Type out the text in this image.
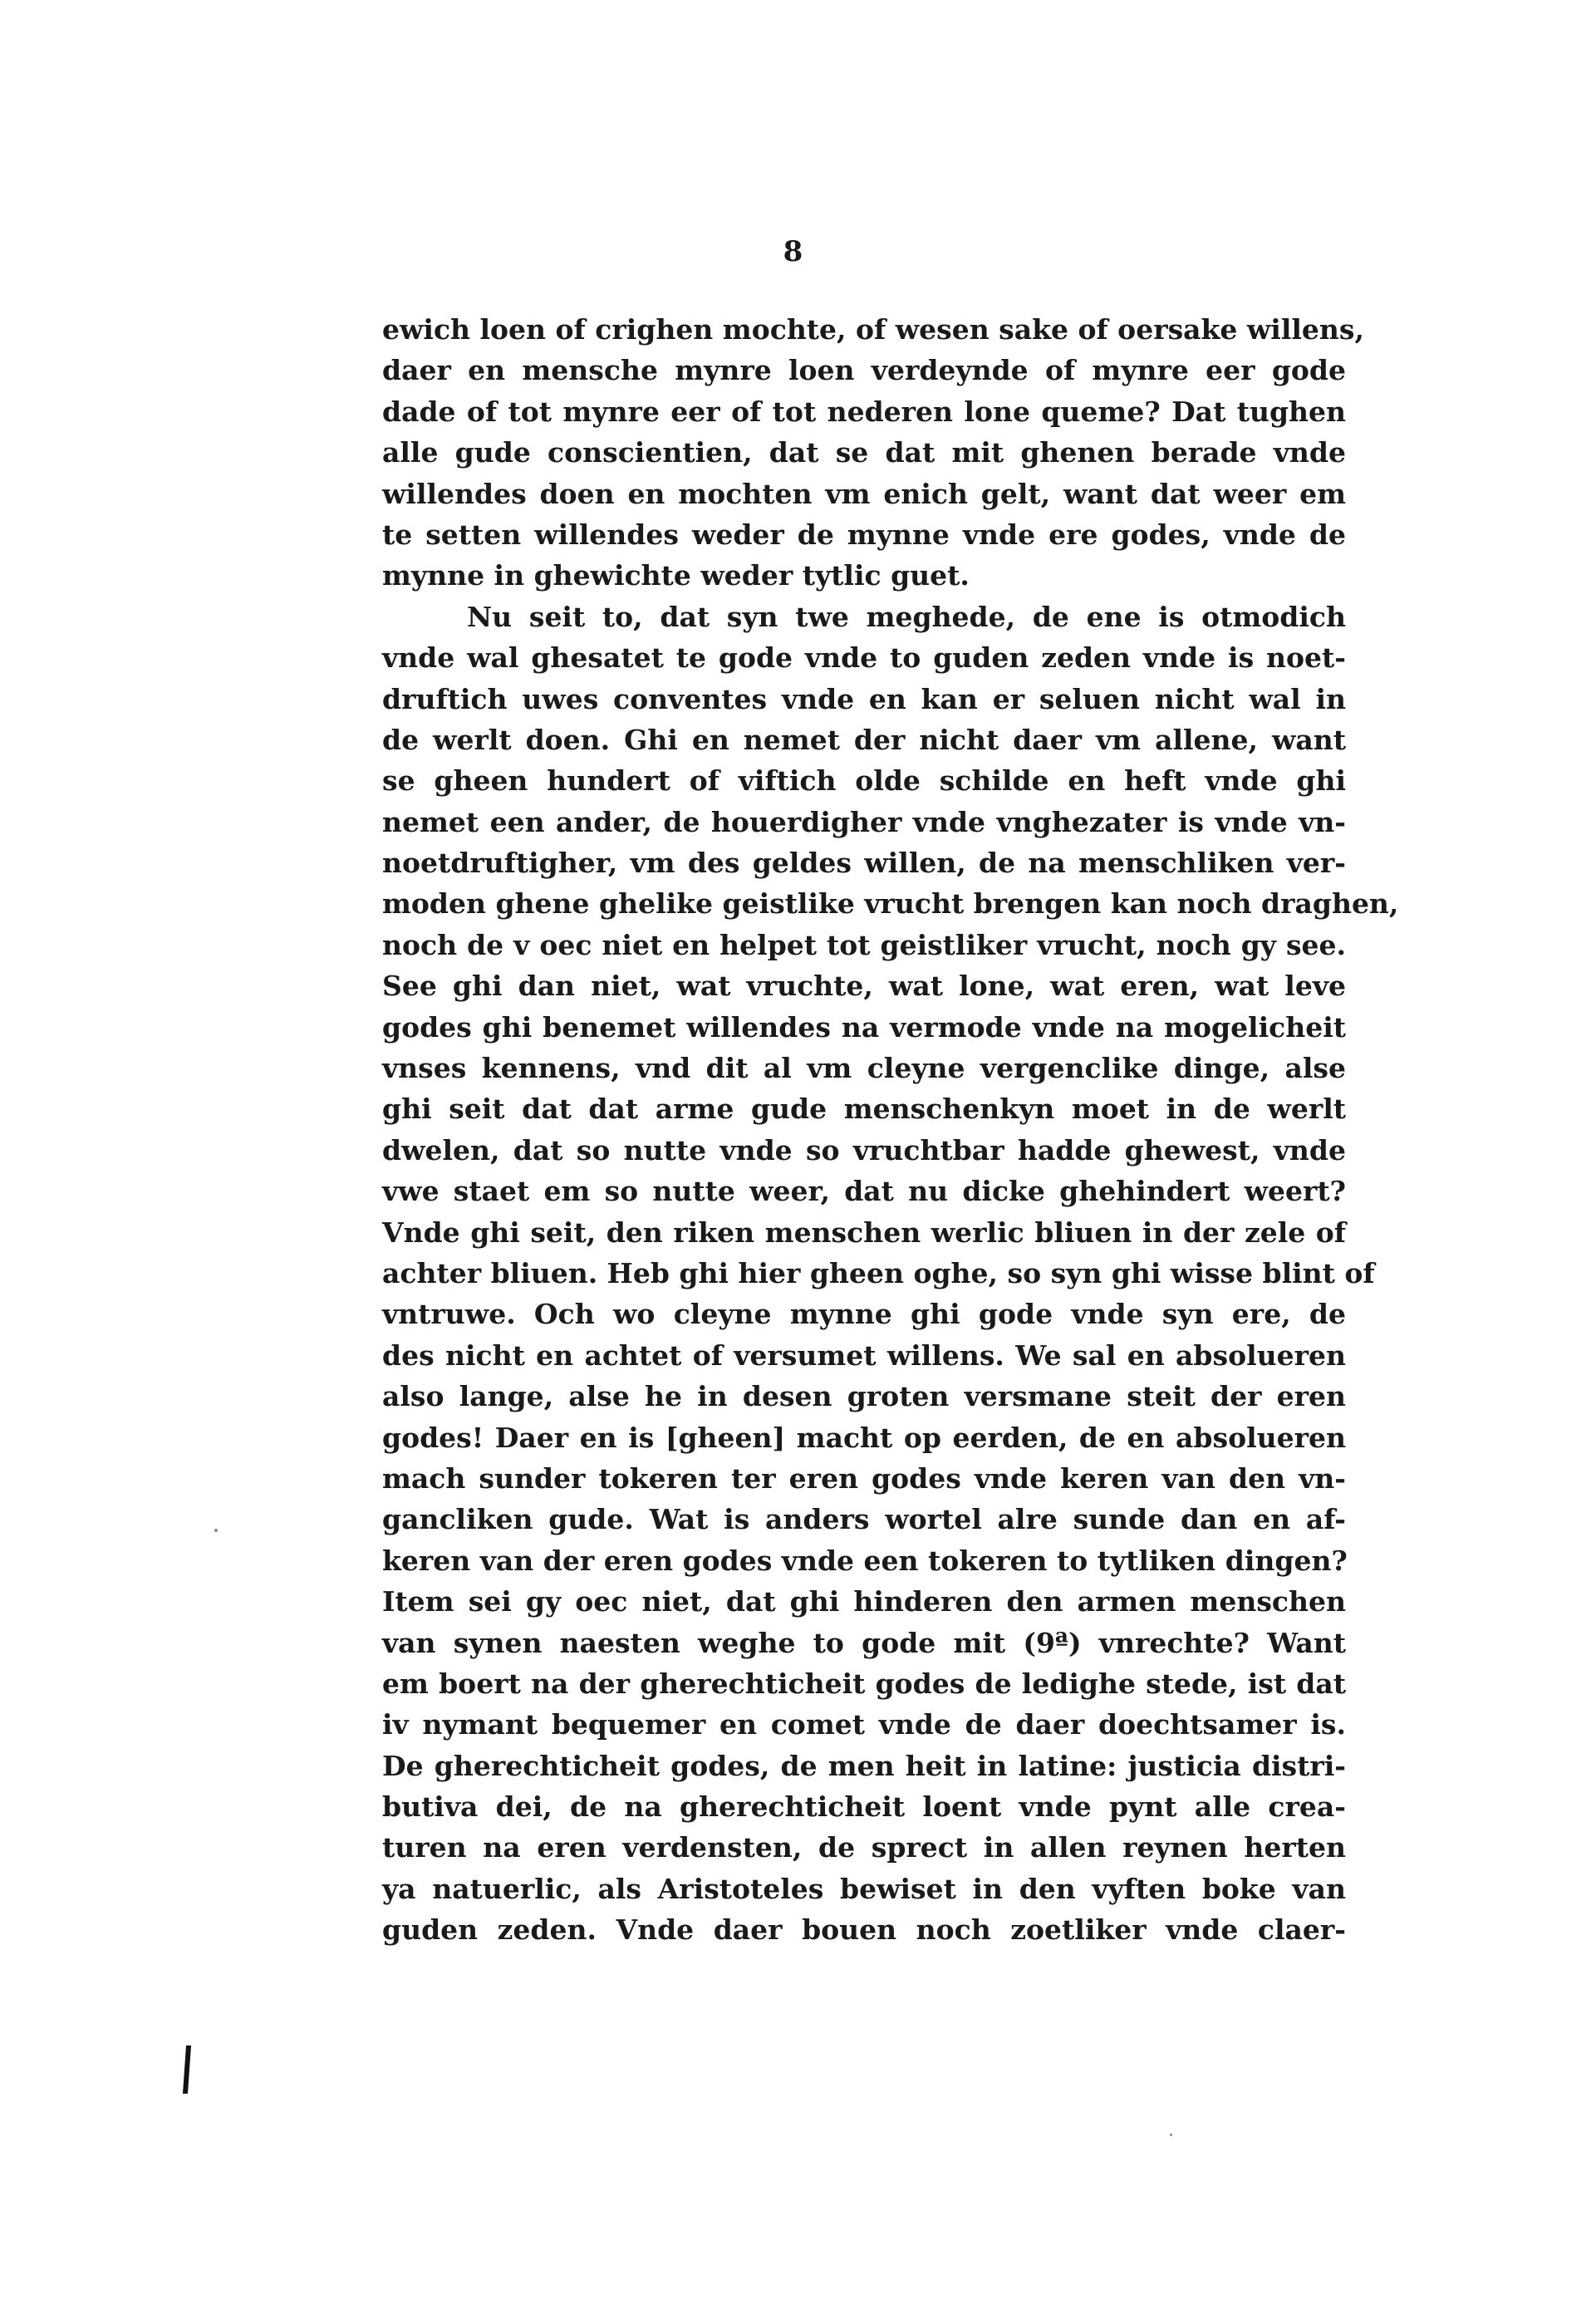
8
ewich loen of crighen mochte, of wesen sake of oersake willens,
daer en mensche mynre loen verdeynde of mynre eer gode
dade of tot mynre eer of tot nederen lone queme? Dat tughen
alle gude conscientien, dat se dat mit ghenen berade vnde
willendes doen en mochten vm enich gelt, want dat weer em
te setten willendes weder de mynne vnde ere godes, vnde de
mynne in ghewichte weder tytlic guet.
Nu seit to, dat syn twe meghede, de ene is otmodich
vnde wal ghesatet te gode vnde to guden zeden vnde is noet-
druftich uwes conventes vnde en kan er seluen nicht wal in
de werlt doen. Ghi en nemet der nicht daer vm allene, want
se gheen hundert of viftich olde schilde en heft vnde ghi
nemet een ander, de houerdigher vnde vnghezater is vnde vn-
noetdruftigher, vm des geldes willen, de na menschliken ver-
moden ghene ghelike geistlike vrucht brengen kan noch draghen,
noch de v oec niet en helpet tot geistliker vrucht, noch gy see.
See ghi dan niet, wat vruchte, wat lone, wat eren, wat leve
godes ghi benemet willendes na vermode vnde na mogelicheit
vnses kennens, vnd dit al vm cleyne vergenclike dinge, alse
ghi seit dat dat arme gude menschenkyn moet in de werlt
dwelen, dat so nutte vnde so vruchtbar hadde ghewest, vnde
vwe staet em so nutte weer, dat nu dicke ghehindert weert?
Vnde ghi seit, den riken menschen werlic bliuen in der zele of
achter bliuen. Heb ghi hier gheen oghe, so syn ghi wisse blint of
vntruwe. Och wo cleyne mynne ghi gode vnde syn ere, de
des nicht en achtet of versumet willens. We sal en absolueren
also lange, alse he in desen groten versmane steit der eren
godes! Daer en is [gheen] macht op eerden, de en absolueren
mach sunder tokeren ter eren godes vnde keren van den vn-
gancliken gude. Wat is anders wortel alre sunde dan en af-
keren van der eren godes vnde een tokeren to tytliken dingen?
Item sei gy oec niet, dat ghi hinderen den armen menschen
van synen naesten weghe to gode mit (9ª) vnrechte? Want
em boert na der gherechticheit godes de ledighe stede, ist dat
iv nymant bequemer en comet vnde de daer doechtsamer is.
De gherechticheit godes, de men heit in latine: justicia distri-
butiva dei, de na gherechticheit loent vnde pynt alle crea-
turen na eren verdensten, de sprect in allen reynen herten
ya natuerlic, als Aristoteles bewiset in den vyften boke van
guden zeden. Vnde daer bouen noch zoetliker vnde claer-
